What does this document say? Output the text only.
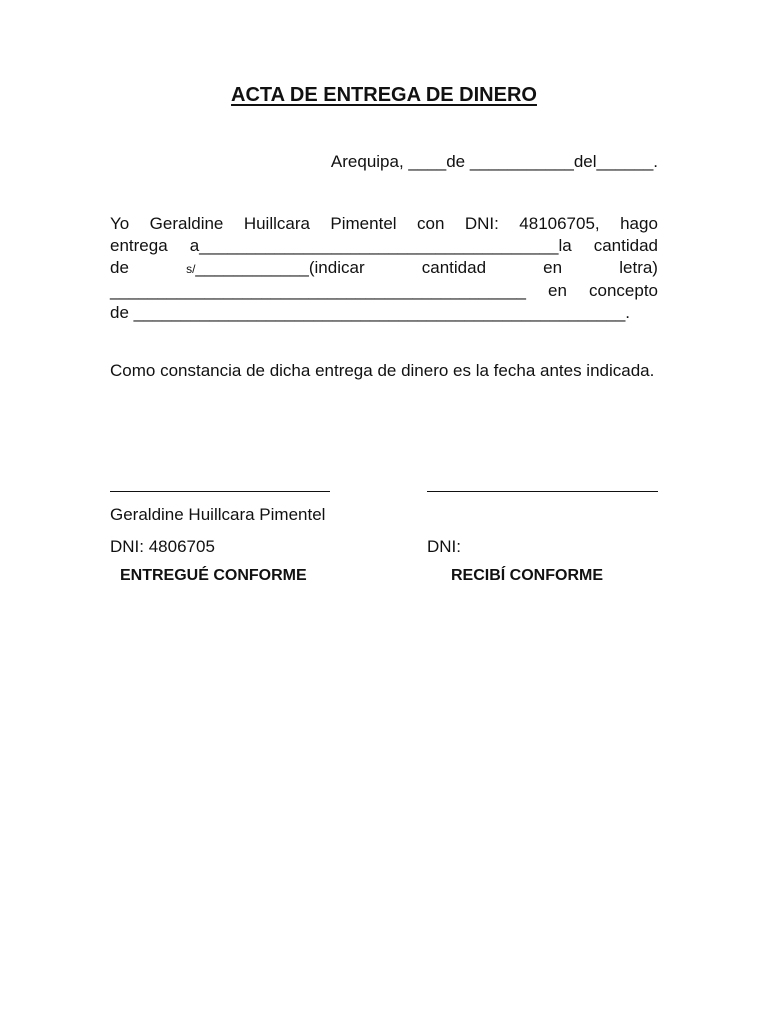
ACTA DE ENTREGA DE DINERO
Arequipa, ____de ___________del______.
Yo Geraldine Huillcara Pimentel con DNI: 48106705, hago
entrega a______________________________________la cantidad
de	s/____________(indicar	cantidad	en	letra)
____________________________________________ en concepto
de ____________________________________________________.
Como constancia de dicha entrega de dinero es la fecha antes indicada.
Geraldine Huillcara Pimentel
DNI: 4806705	DNI:
ENTREGUÉ CONFORME	RECIBÍ CONFORME
